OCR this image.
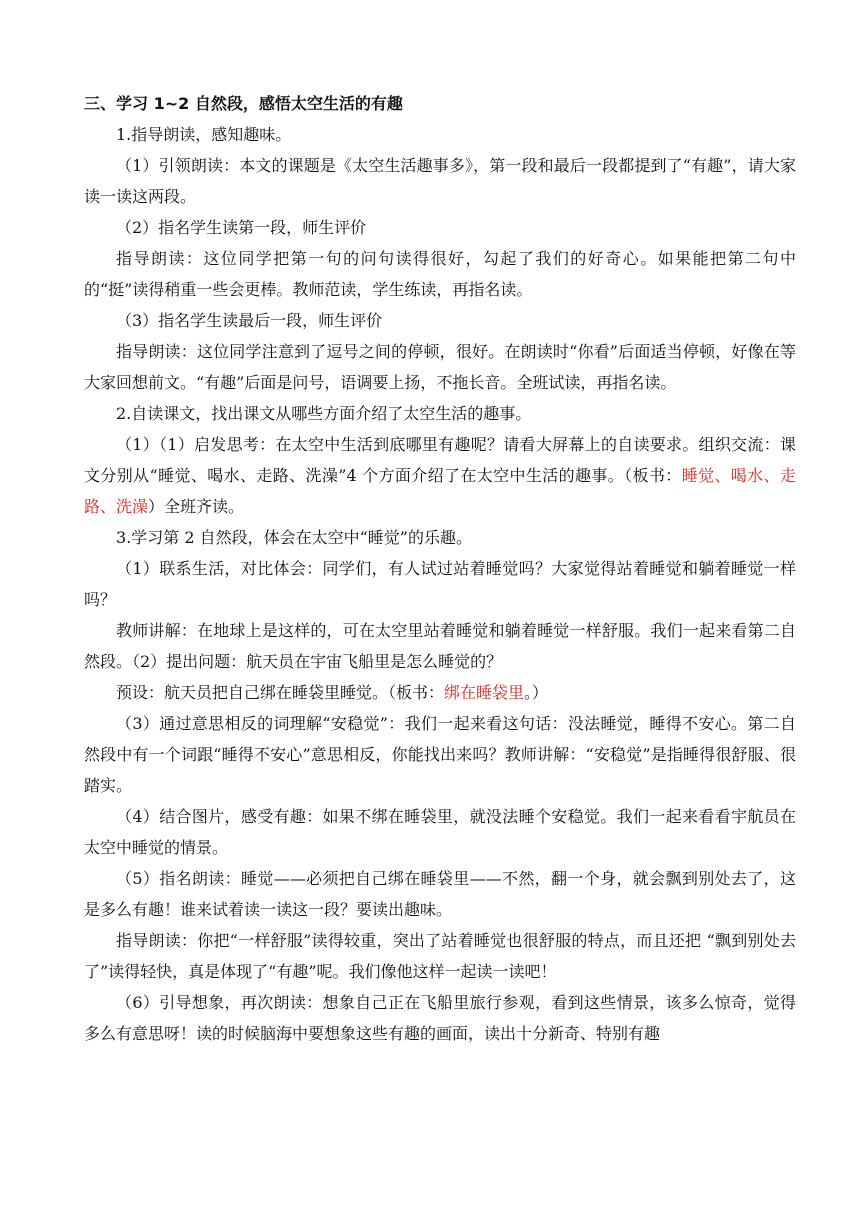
三、学习 1~2 自然段，感悟太空生活的有趣

1.指导朗读，感知趣味。

（1）引领朗读：本文的课题是《太空生活趣事多》，第一段和最后一段都提到了“有趣”，请大家读一读这两段。

（2）指名学生读第一段，师生评价

指导朗读：这位同学把第一句的问句读得很好，勾起了我们的好奇心。如果能把第二句中的“挺”读得稍重一些会更棒。教师范读，学生练读，再指名读。

（3）指名学生读最后一段，师生评价

指导朗读：这位同学注意到了逗号之间的停顿，很好。在朗读时“你看”后面适当停顿，好像在等大家回想前文。“有趣”后面是问号，语调要上扬，不拖长音。全班试读，再指名读。

2.自读课文，找出课文从哪些方面介绍了太空生活的趣事。

（1）（1）启发思考：在太空中生活到底哪里有趣呢？请看大屏幕上的自读要求。组织交流：课文分别从“睡觉、喝水、走路、洗澡”4 个方面介绍了在太空中生活的趣事。（板书：睡觉、喝水、走路、洗澡）全班齐读。

3.学习第 2 自然段，体会在太空中“睡觉”的乐趣。

（1）联系生活，对比体会：同学们，有人试过站着睡觉吗？大家觉得站着睡觉和躺着睡觉一样吗？

教师讲解：在地球上是这样的，可在太空里站着睡觉和躺着睡觉一样舒服。我们一起来看第二自然段。（2）提出问题：航天员在宇宙飞船里是怎么睡觉的？

预设：航天员把自己绑在睡袋里睡觉。（板书：绑在睡袋里。）

（3）通过意思相反的词理解“安稳觉”：我们一起来看这句话：没法睡觉，睡得不安心。第二自然段中有一个词跟“睡得不安心”意思相反，你能找出来吗？教师讲解：“安稳觉”是指睡得很舒服、很踏实。

（4）结合图片，感受有趣：如果不绑在睡袋里，就没法睡个安稳觉。我们一起来看看宇航员在太空中睡觉的情景。

（5）指名朗读：睡觉——必须把自己绑在睡袋里——不然，翻一个身，就会飘到别处去了，这是多么有趣！谁来试着读一读这一段？要读出趣味。

指导朗读：你把“一样舒服”读得较重，突出了站着睡觉也很舒服的特点，而且还把 “飘到别处去了”读得轻快，真是体现了“有趣”呢。我们像他这样一起读一读吧！

（6）引导想象，再次朗读：想象自己正在飞船里旅行参观，看到这些情景，该多么惊奇，觉得多么有意思呀！读的时候脑海中要想象这些有趣的画面，读出十分新奇、特别有趣
